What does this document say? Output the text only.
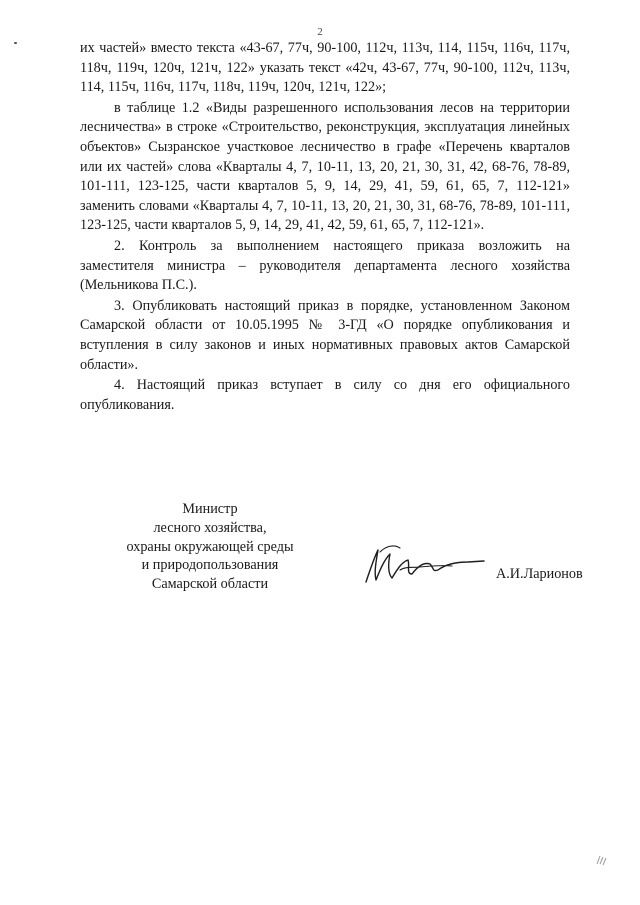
2

их частей» вместо текста «43-67, 77ч, 90-100, 112ч, 113ч, 114, 115ч, 116ч, 117ч, 118ч, 119ч, 120ч, 121ч, 122» указать текст «42ч, 43-67, 77ч, 90-100, 112ч, 113ч, 114, 115ч, 116ч, 117ч, 118ч, 119ч, 120ч, 121ч, 122»;

в таблице 1.2 «Виды разрешенного использования лесов на территории лесничества» в строке «Строительство, реконструкция, эксплуатация линейных объектов» Сызранское участковое лесничество в графе «Перечень кварталов или их частей» слова «Кварталы 4, 7, 10-11, 13, 20, 21, 30, 31, 42, 68-76, 78-89, 101-111, 123-125, части кварталов 5, 9, 14, 29, 41, 59, 61, 65, 7, 112-121» заменить словами «Кварталы 4, 7, 10-11, 13, 20, 21, 30, 31, 68-76, 78-89, 101-111, 123-125, части кварталов 5, 9, 14, 29, 41, 42, 59, 61, 65, 7, 112-121».

2. Контроль за выполнением настоящего приказа возложить на заместителя министра – руководителя департамента лесного хозяйства (Мельникова П.С.).

3. Опубликовать настоящий приказ в порядке, установленном Законом Самарской области от 10.05.1995 № 3-ГД «О порядке опубликования и вступления в силу законов и иных нормативных правовых актов Самарской области».

4. Настоящий приказ вступает в силу со дня его официального опубликования.

Министр
лесного хозяйства,
охраны окружающей среды
и природопользования
Самарской области
А.И.Ларионов
